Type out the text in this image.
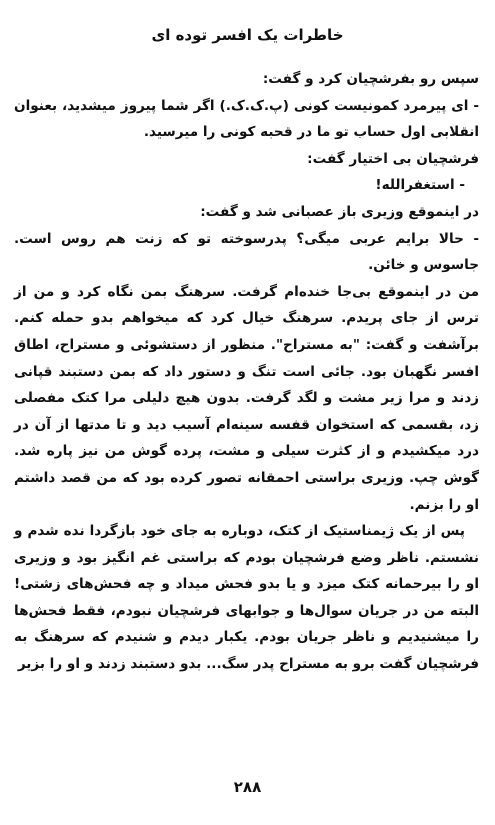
خاطرات یک افسر توده ای

سپس رو بفرشچیان کرد و گفت:

- ای پیرمرد کمونیست کونی (پ.ک.ک.) اگر شما پیروز میشدید، بعنوان انقلابی اول حساب تو ما در قحبه کونی را میرسید.

فرشچیان بی اختیار گفت:

- استغفرالله!

در اینموقع وزیری باز عصبانی شد و گفت:

- حالا برایم عربی میگی؟ پدرسوخته تو که زنت هم روس است. جاسوس و خائن.

من در اینموقع بی‌جا خنده‌ام گرفت. سرهنگ بمن نگاه کرد و من از ترس از جای پریدم. سرهنگ خیال کرد که میخواهم بدو حمله کنم. برآشفت و گفت: "به مستراح". منظور از دستشوئی و مستراح، اطاق افسر نگهبان بود. جائی است تنگ و دستور داد که بمن دستبند قپانی زدند و مرا زیر مشت و لگد گرفت. بدون هیچ دلیلی مرا کتک مفصلی زد، بقسمی که استخوان قفسه سینه‌ام آسیب دید و تا مدتها از آن در درد میکشیدم و از کثرت سیلی و مشت، پرده گوش من نیز پاره شد. گوش چپ. وزیری براستی احمقانه تصور کرده بود که من قصد داشتم او را بزنم.

پس از یک ژیمناستیک از کتک، دوباره به جای خود بازگردا نده شدم و نشستم. ناظر وضع فرشچیان بودم که براستی غم انگیز بود و وزیری او را بیرحمانه کتک میزد و یا بدو فحش میداد و چه فحش‌های زشتی! البته من در جریان سوال‌ها و جوابهای فرشچیان نبودم، فقط فحش‌ها را میشنیدیم و ناظر جریان بودم. یکبار دیدم و شنیدم که سرهنگ به فرشچیان گفت برو به مستراح پدر سگ... بدو دستبند زدند و او را بزیر

۲۸۸
